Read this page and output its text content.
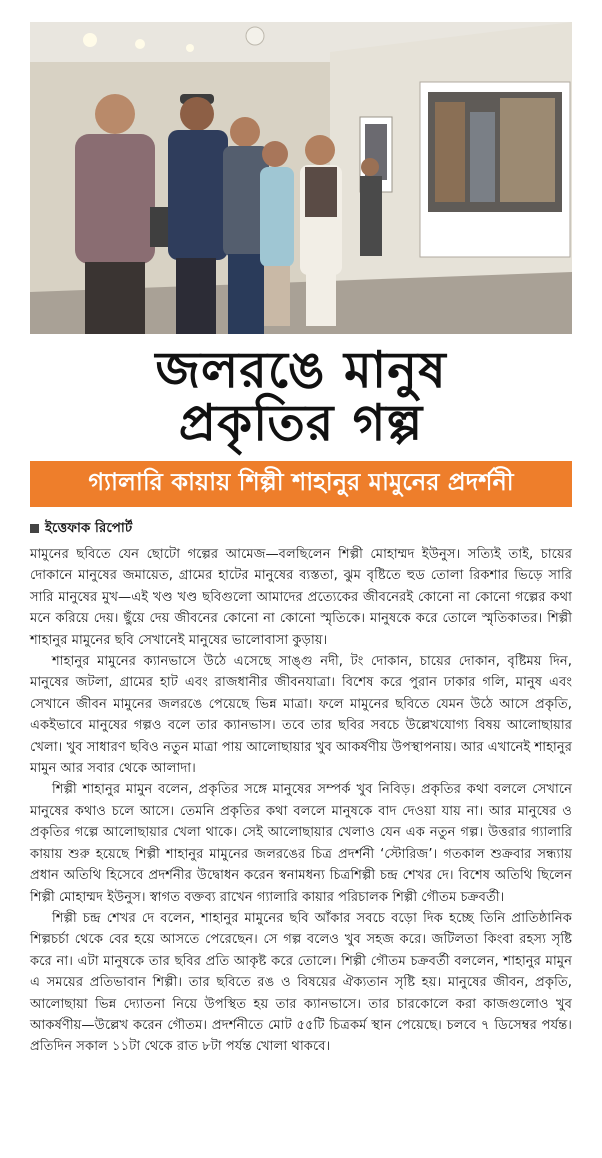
জলরঙে মানুষ
প্রকৃতির গল্প
গ্যালারি কায়ায় শিল্পী শাহানুর মামুনের প্রদর্শনী
ইত্তেফাক রিপোর্ট

মামুনের ছবিতে যেন ছোটো গল্পের আমেজ—বলছিলেন শিল্পী মোহাম্মদ ইউনুস। সত্যিই তাই, চায়ের দোকানে মানুষের জমায়েত, গ্রামের হাটের মানুষের ব্যস্ততা, ঝুম বৃষ্টিতে হুড তোলা রিকশার ভিড়ে সারি সারি মানুষের মুখ—এই খণ্ড খণ্ড ছবিগুলো আমাদের প্রত্যেকের জীবনেরই কোনো না কোনো গল্পের কথা মনে করিয়ে দেয়। ছুঁয়ে দেয় জীবনের কোনো না কোনো স্মৃতিকে। মানুষকে করে তোলে স্মৃতিকাতর। শিল্পী শাহানুর মামুনের ছবি সেখানেই মানুষের ভালোবাসা কুড়ায়।

শাহানুর মামুনের ক্যানভাসে উঠে এসেছে সাঙ্গু নদী, টং দোকান, চায়ের দোকান, বৃষ্টিময় দিন, মানুষের জটলা, গ্রামের হাট এবং রাজধানীর জীবনযাত্রা। বিশেষ করে পুরান ঢাকার গলি, মানুষ এবং সেখানে জীবন মামুনের জলরঙে পেয়েছে ভিন্ন মাত্রা। ফলে মামুনের ছবিতে যেমন উঠে আসে প্রকৃতি, একইভাবে মানুষের গল্পও বলে তার ক্যানভাস। তবে তার ছবির সবচে উল্লেখযোগ্য বিষয় আলোছায়ার খেলা। খুব সাধারণ ছবিও নতুন মাত্রা পায় আলোছায়ার খুব আকর্ষণীয় উপস্থাপনায়। আর এখানেই শাহানুর মামুন আর সবার থেকে আলাদা।

শিল্পী শাহানুর মামুন বলেন, প্রকৃতির সঙ্গে মানুষের সম্পর্ক খুব নিবিড়। প্রকৃতির কথা বললে সেখানে মানুষের কথাও চলে আসে। তেমনি প্রকৃতির কথা বললে মানুষকে বাদ দেওয়া যায় না। আর মানুষের ও প্রকৃতির গল্পে আলোছায়ার খেলা থাকে। সেই আলোছায়ার খেলাও যেন এক নতুন গল্প। উত্তরার গ্যালারি কায়ায় শুরু হয়েছে শিল্পী শাহানুর মামুনের জলরঙের চিত্র প্রদর্শনী ‘স্টোরিজ’। গতকাল শুক্রবার সন্ধ্যায় প্রধান অতিথি হিসেবে প্রদর্শনীর উদ্বোধন করেন স্বনামধন্য চিত্রশিল্পী চন্দ্র শেখর দে। বিশেষ অতিথি ছিলেন শিল্পী মোহাম্মদ ইউনুস। স্বাগত বক্তব্য রাখেন গ্যালারি কায়ার পরিচালক শিল্পী গৌতম চক্রবর্তী।

শিল্পী চন্দ্র শেখর দে বলেন, শাহানুর মামুনের ছবি আঁকার সবচে বড়ো দিক হচ্ছে তিনি প্রাতিষ্ঠানিক শিল্পচর্চা থেকে বের হয়ে আসতে পেরেছেন। সে গল্প বলেও খুব সহজ করে। জটিলতা কিংবা রহস্য সৃষ্টি করে না। এটা মানুষকে তার ছবির প্রতি আকৃষ্ট করে তোলে। শিল্পী গৌতম চক্রবর্তী বললেন, শাহানুর মামুন এ সময়ের প্রতিভাবান শিল্পী। তার ছবিতে রঙ ও বিষয়ের ঐক্যতান সৃষ্টি হয়। মানুষের জীবন, প্রকৃতি, আলোছায়া ভিন্ন দ্যোতনা নিয়ে উপস্থিত হয় তার ক্যানভাসে। তার চারকোলে করা কাজগুলোও খুব আকর্ষণীয়—উল্লেখ করেন গৌতম। প্রদর্শনীতে মোট ৫৫টি চিত্রকর্ম স্থান পেয়েছে। চলবে ৭ ডিসেম্বর পর্যন্ত। প্রতিদিন সকাল ১১টা থেকে রাত ৮টা পর্যন্ত খোলা থাকবে।
